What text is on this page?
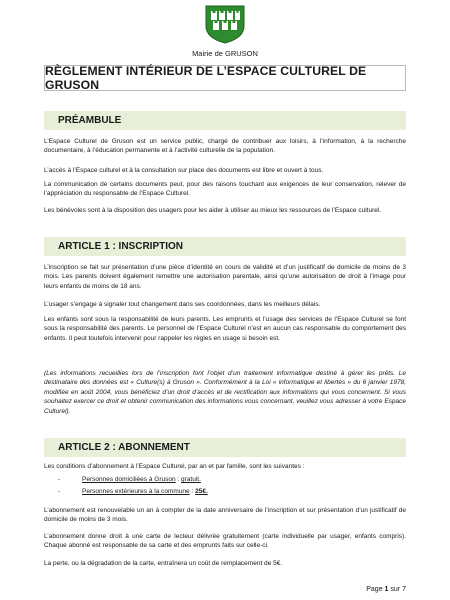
Mairie de GRUSON
RÈGLEMENT INTÉRIEUR DE L’ESPACE CULTUREL DE GRUSON
PRÉAMBULE
L’Espace Culturel de Gruson est un service public, chargé de contribuer aux loisirs, à l’information, à la recherche documentaire, à l’éducation permanente et à l’activité culturelle de la population.
L’accès à l’Espace culturel et à la consultation sur place des documents est libre et ouvert à tous.
La communication de certains documents peut, pour des raisons touchant aux exigences de leur conservation, relever de l’appréciation du responsable de l’Espace Culturel.
Les bénévoles sont à la disposition des usagers pour les aider à utiliser au mieux les ressources de l’Espace culturel.
ARTICLE 1 : INSCRIPTION
L’inscription se fait sur présentation d’une pièce d’identité en cours de validité et d’un justificatif de domicile de moins de 3 mois. Les parents doivent également remettre une autorisation parentale, ainsi qu’une autorisation de droit à l’image pour leurs enfants de moins de 18 ans.
L’usager s’engage à signaler tout changement dans ses coordonnées, dans les meilleurs délais.
Les enfants sont sous la responsabilité de leurs parents. Les emprunts et l’usage des services de l’Espace Culturel se font sous la responsabilité des parents. Le personnel de l’Espace Culturel n’est en aucun cas responsable du comportement des enfants. Il peut toutefois intervenir pour rappeler les règles en usage si besoin est.
(Les informations recueillies lors de l’inscription font l’objet d’un traitement informatique destiné à gérer les prêts. Le destinataire des données est « Culture(s) à Gruson ». Conformément à la Loi « informatique et libertés » du 6 janvier 1978, modifiée en août 2004, vous bénéficiez d’un droit d’accès et de rectification aux informations qui vous concernent. Si vous souhaitez exercer ce droit et obtenir communication des informations vous concernant, veuillez vous adresser à votre Espace Culturel).
ARTICLE 2 : ABONNEMENT
Les conditions d’abonnement à l’Espace Culturel, par an et par famille, sont les suivantes :
-	Personnes domiciliées à Gruson : gratuit.
-	Personnes extérieures à la commune : 25€.
L’abonnement est renouvelable un an à compter de la date anniversaire de l’inscription et sur présentation d’un justificatif de domicile de moins de 3 mois.
L’abonnement donne droit à une carte de lecteur délivrée gratuitement (carte individuelle par usager, enfants compris). Chaque abonné est responsable de sa carte et des emprunts faits sur celle-ci.
La perte, ou la dégradation de la carte, entraînera un coût de remplacement de 5€.
Page 1 sur 7
